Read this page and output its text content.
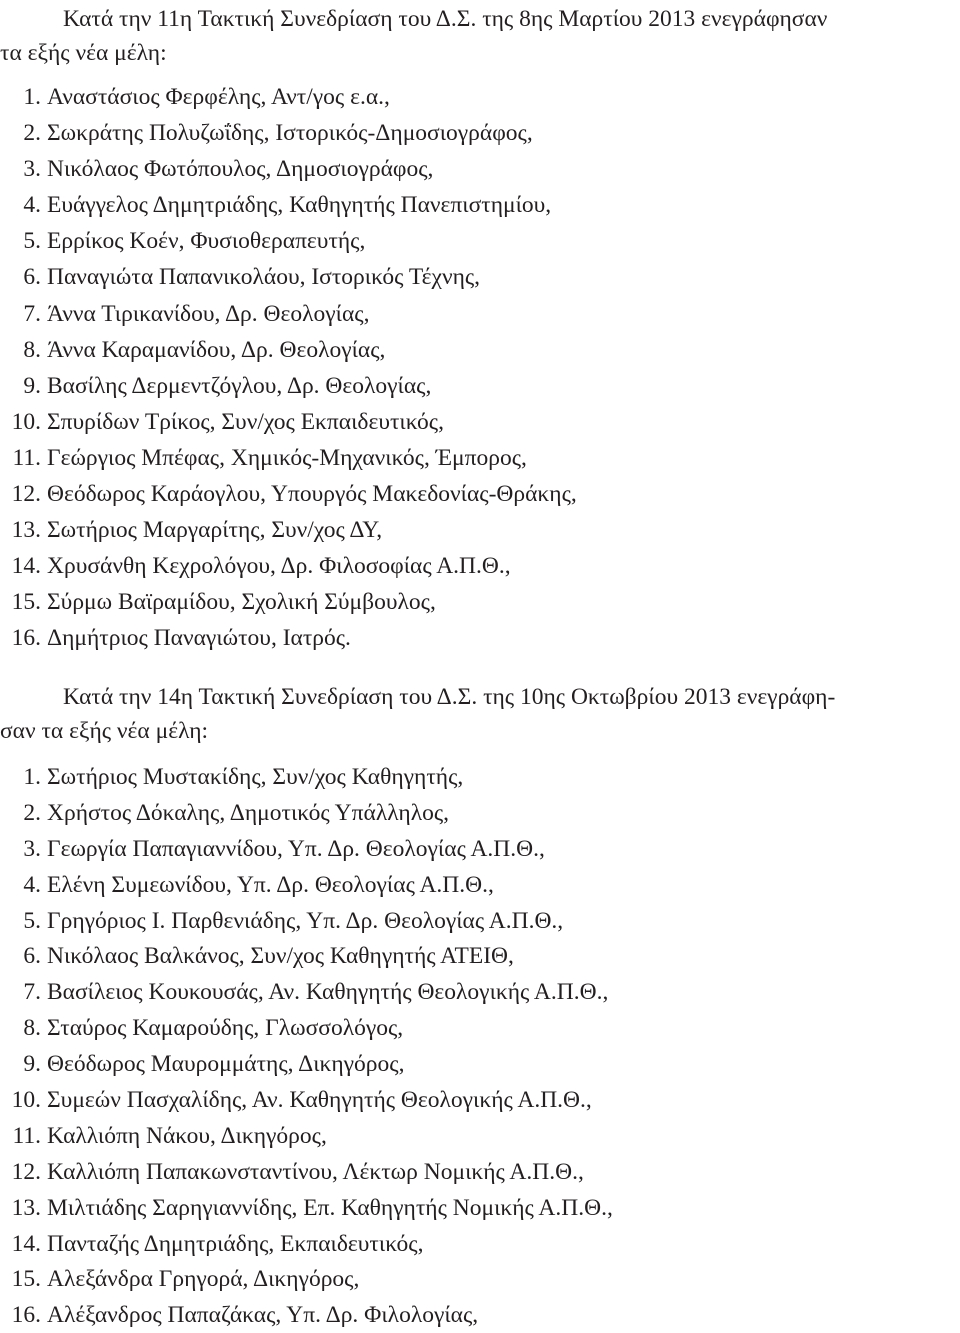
Κατά την 11η Τακτική Συνεδρίαση του Δ.Σ. της 8ης Μαρτίου 2013 ενεγράφησαν
τα εξής νέα μέλη:

1. Αναστάσιος Φερφέλης, Αντ/γος ε.α.,
2. Σωκράτης Πολυζωΐδης, Ιστορικός-Δημοσιογράφος,
3. Νικόλαος Φωτόπουλος, Δημοσιογράφος,
4. Ευάγγελος Δημητριάδης, Καθηγητής Πανεπιστημίου,
5. Ερρίκος Κοέν, Φυσιοθεραπευτής,
6. Παναγιώτα Παπανικολάου, Ιστορικός Τέχνης,
7. Άννα Τιρικανίδου, Δρ. Θεολογίας,
8. Άννα Καραμανίδου, Δρ. Θεολογίας,
9. Βασίλης Δερμεντζόγλου, Δρ. Θεολογίας,
10. Σπυρίδων Τρίκος, Συν/χος Εκπαιδευτικός,
11. Γεώργιος Μπέφας, Χημικός-Μηχανικός, Έμπορος,
12. Θεόδωρος Καράογλου, Υπουργός Μακεδονίας-Θράκης,
13. Σωτήριος Μαργαρίτης, Συν/χος ΔΥ,
14. Χρυσάνθη Κεχρολόγου, Δρ. Φιλοσοφίας Α.Π.Θ.,
15. Σύρμω Βαϊραμίδου, Σχολική Σύμβουλος,
16. Δημήτριος Παναγιώτου, Ιατρός.

Κατά την 14η Τακτική Συνεδρίαση του Δ.Σ. της 10ης Οκτωβρίου 2013 ενεγράφη-
σαν τα εξής νέα μέλη:

1. Σωτήριος Μυστακίδης, Συν/χος Καθηγητής,
2. Χρήστος Δόκαλης, Δημοτικός Υπάλληλος,
3. Γεωργία Παπαγιαννίδου, Υπ. Δρ. Θεολογίας Α.Π.Θ.,
4. Ελένη Συμεωνίδου, Υπ. Δρ. Θεολογίας Α.Π.Θ.,
5. Γρηγόριος Ι. Παρθενιάδης, Υπ. Δρ. Θεολογίας Α.Π.Θ.,
6. Νικόλαος Βαλκάνος, Συν/χος Καθηγητής ΑΤΕΙΘ,
7. Βασίλειος Κουκουσάς, Αν. Καθηγητής Θεολογικής Α.Π.Θ.,
8. Σταύρος Καμαρούδης, Γλωσσολόγος,
9. Θεόδωρος Μαυρομμάτης, Δικηγόρος,
10. Συμεών Πασχαλίδης, Αν. Καθηγητής Θεολογικής Α.Π.Θ.,
11. Καλλιόπη Νάκου, Δικηγόρος,
12. Καλλιόπη Παπακωνσταντίνου, Λέκτωρ Νομικής Α.Π.Θ.,
13. Μιλτιάδης Σαρηγιαννίδης, Επ. Καθηγητής Νομικής Α.Π.Θ.,
14. Πανταζής Δημητριάδης, Εκπαιδευτικός,
15. Αλεξάνδρα Γρηγορά, Δικηγόρος,
16. Αλέξανδρος Παπαζάκας, Υπ. Δρ. Φιλολογίας,
